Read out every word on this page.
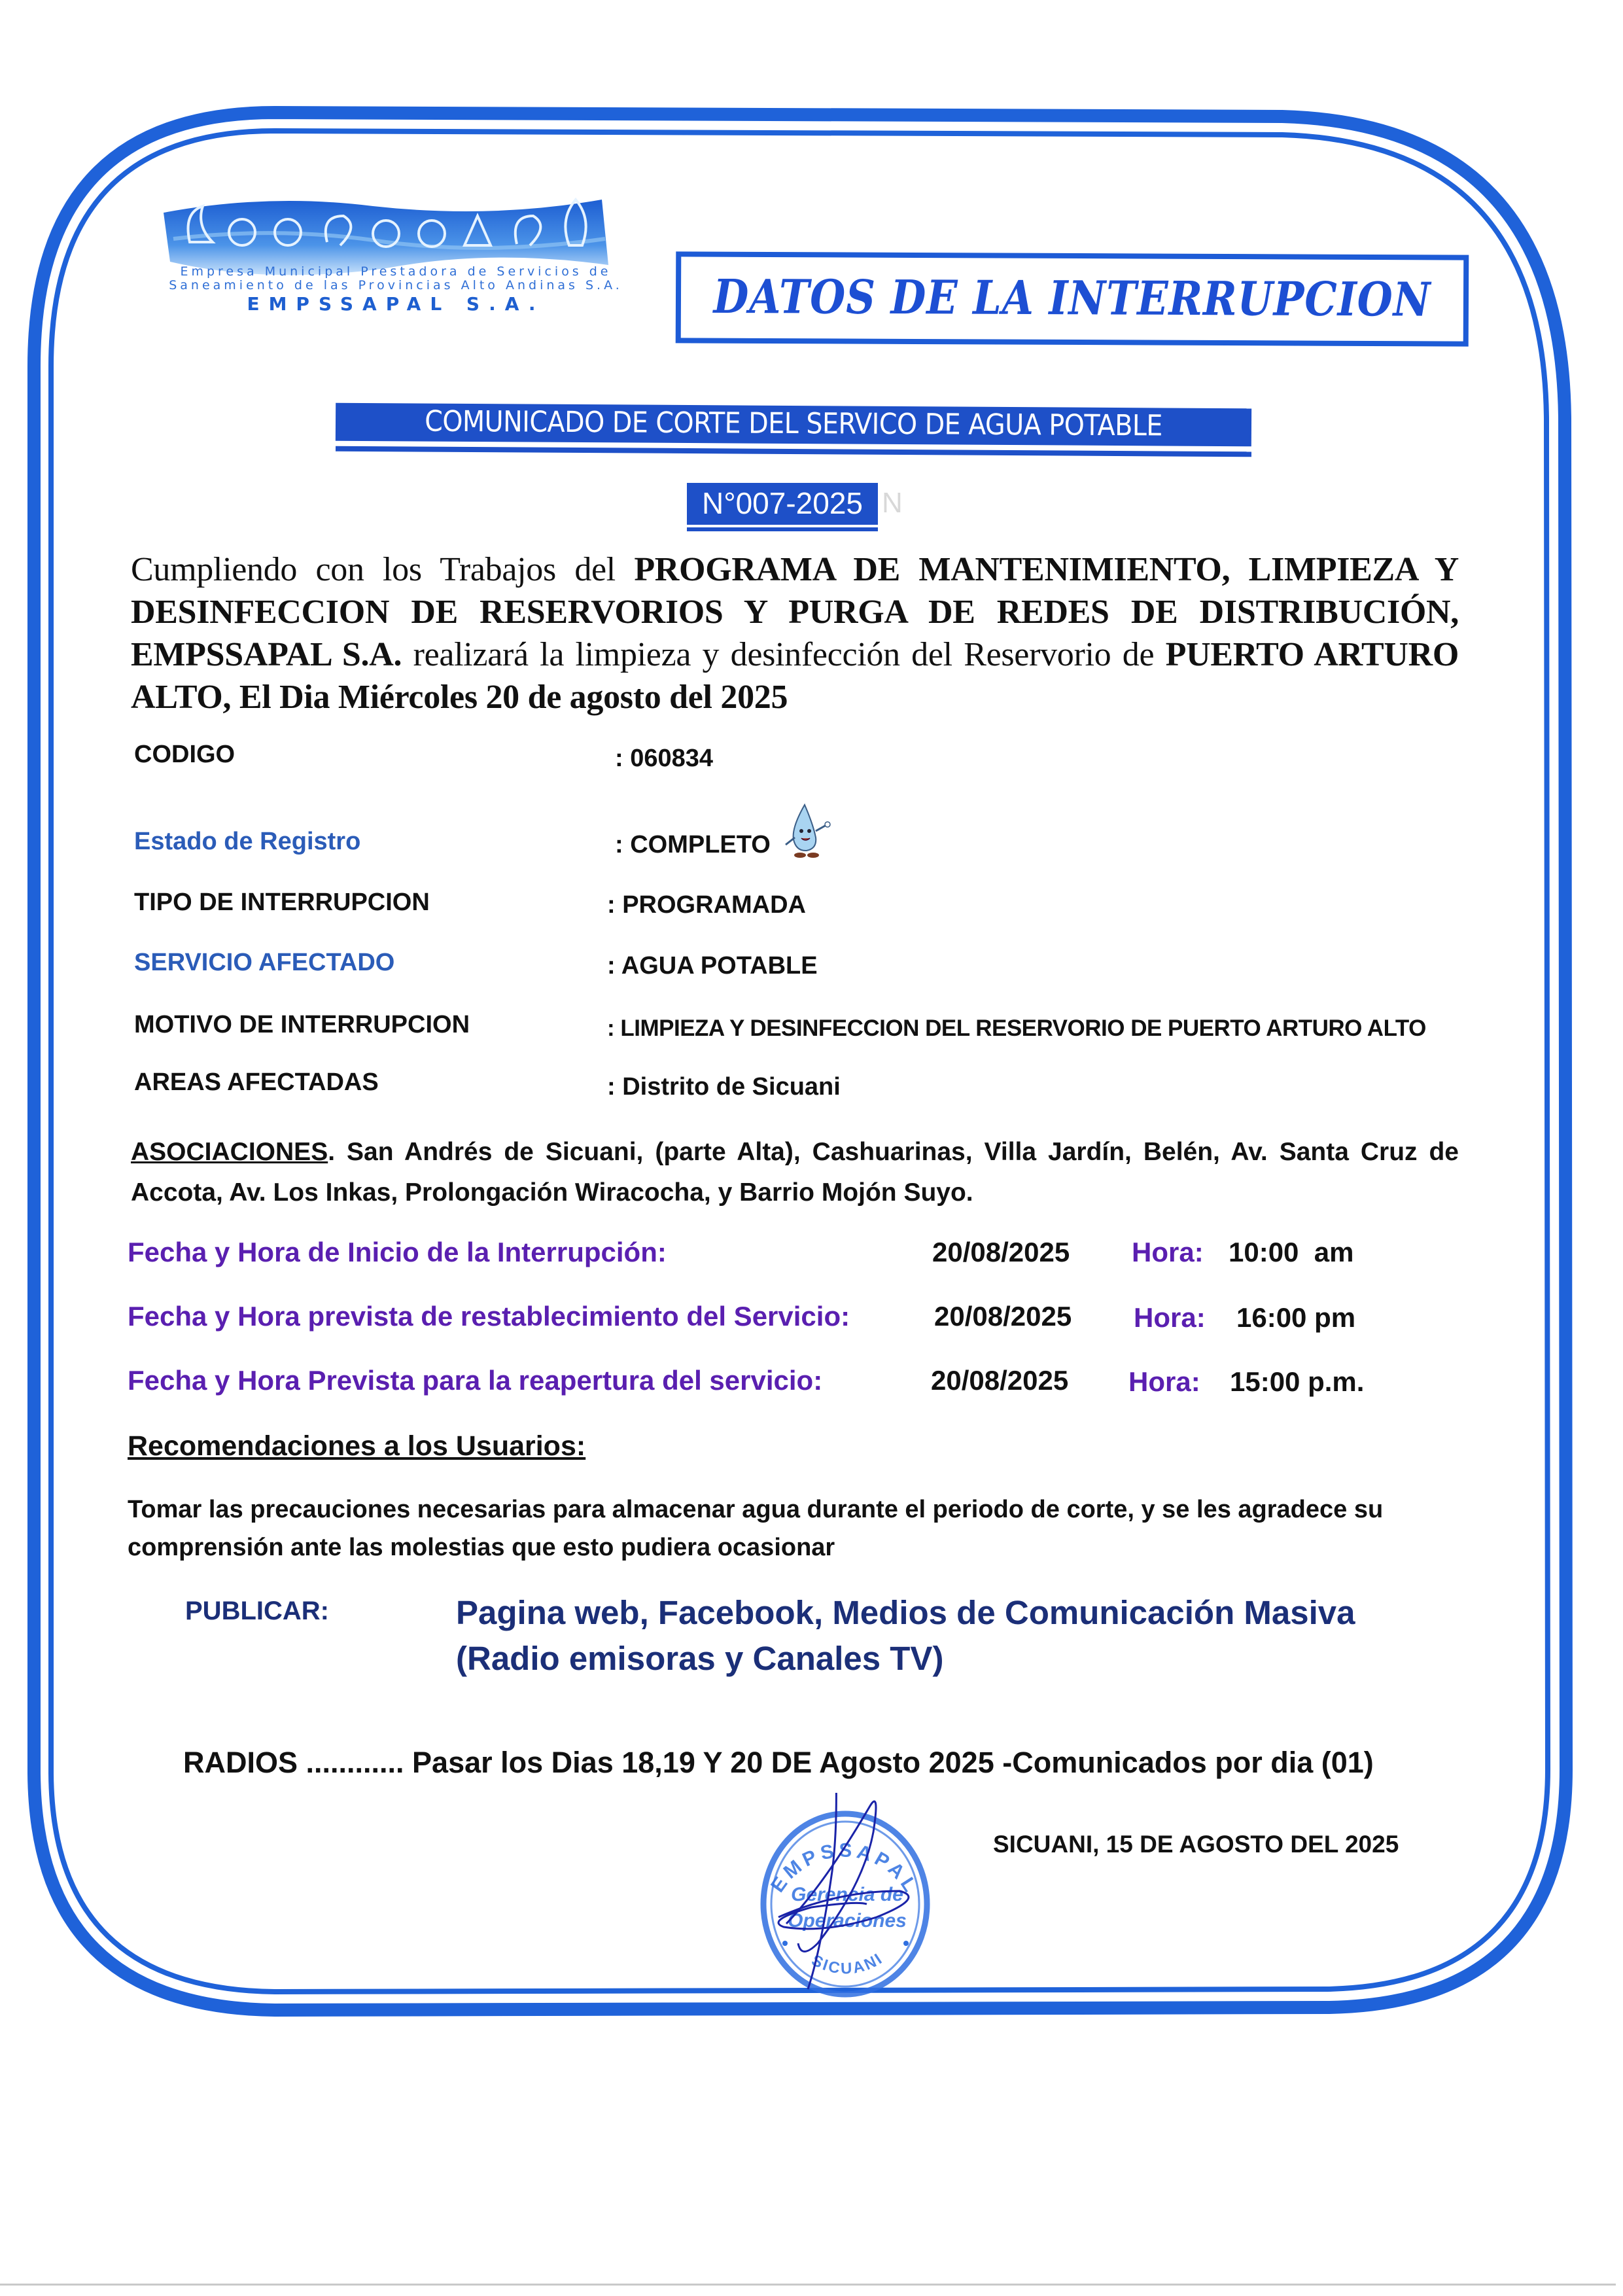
Empresa Municipal Prestadora de Servicios de
Saneamiento de las Provincias Alto Andinas S.A.
EMPSSAPAL S.A.	DATOS DE LA INTERRUPCION
COMUNICADO DE CORTE DEL SERVICO DE AGUA POTABLE
N°007-2025 N
Cumpliendo con los Trabajos del PROGRAMA DE MANTENIMIENTO, LIMPIEZA Y DESINFECCION DE RESERVORIOS Y PURGA DE REDES DE DISTRIBUCIÓN, EMPSSAPAL S.A. realizará la limpieza y desinfección del Reservorio de PUERTO ARTURO ALTO, El Dia Miércoles 20 de agosto del 2025
CODIGO	: 060834
Estado de Registro	: COMPLETO
TIPO DE INTERRUPCION	: PROGRAMADA
SERVICIO AFECTADO	: AGUA POTABLE
MOTIVO DE INTERRUPCION	: LIMPIEZA Y DESINFECCION DEL RESERVORIO DE PUERTO ARTURO ALTO
AREAS AFECTADAS	: Distrito de Sicuani
ASOCIACIONES. San Andrés de Sicuani, (parte Alta), Cashuarinas, Villa Jardín, Belén, Av. Santa Cruz de Accota, Av. Los Inkas, Prolongación Wiracocha, y Barrio Mojón Suyo.
Fecha y Hora de Inicio de la Interrupción:	20/08/2025 Hora: 10:00  am
Fecha y Hora prevista de restablecimiento del Servicio:	20/08/2025 Hora: 16:00 pm
Fecha y Hora Prevista para la reapertura del servicio:	20/08/2025 Hora: 15:00 p.m.
Recomendaciones a los Usuarios:
Tomar las precauciones necesarias para almacenar agua durante el periodo de corte, y se les agradece su comprensión ante las molestias que esto pudiera ocasionar
PUBLICAR:	Pagina web, Facebook, Medios de Comunicación Masiva (Radio emisoras y Canales TV)
RADIOS ............ Pasar los Dias 18,19 Y 20 DE Agosto 2025 -Comunicados por dia (01)
EMPSSAPAL
SICUANI
Gerencia de
Operaciones
SICUANI, 15 DE AGOSTO DEL 2025
